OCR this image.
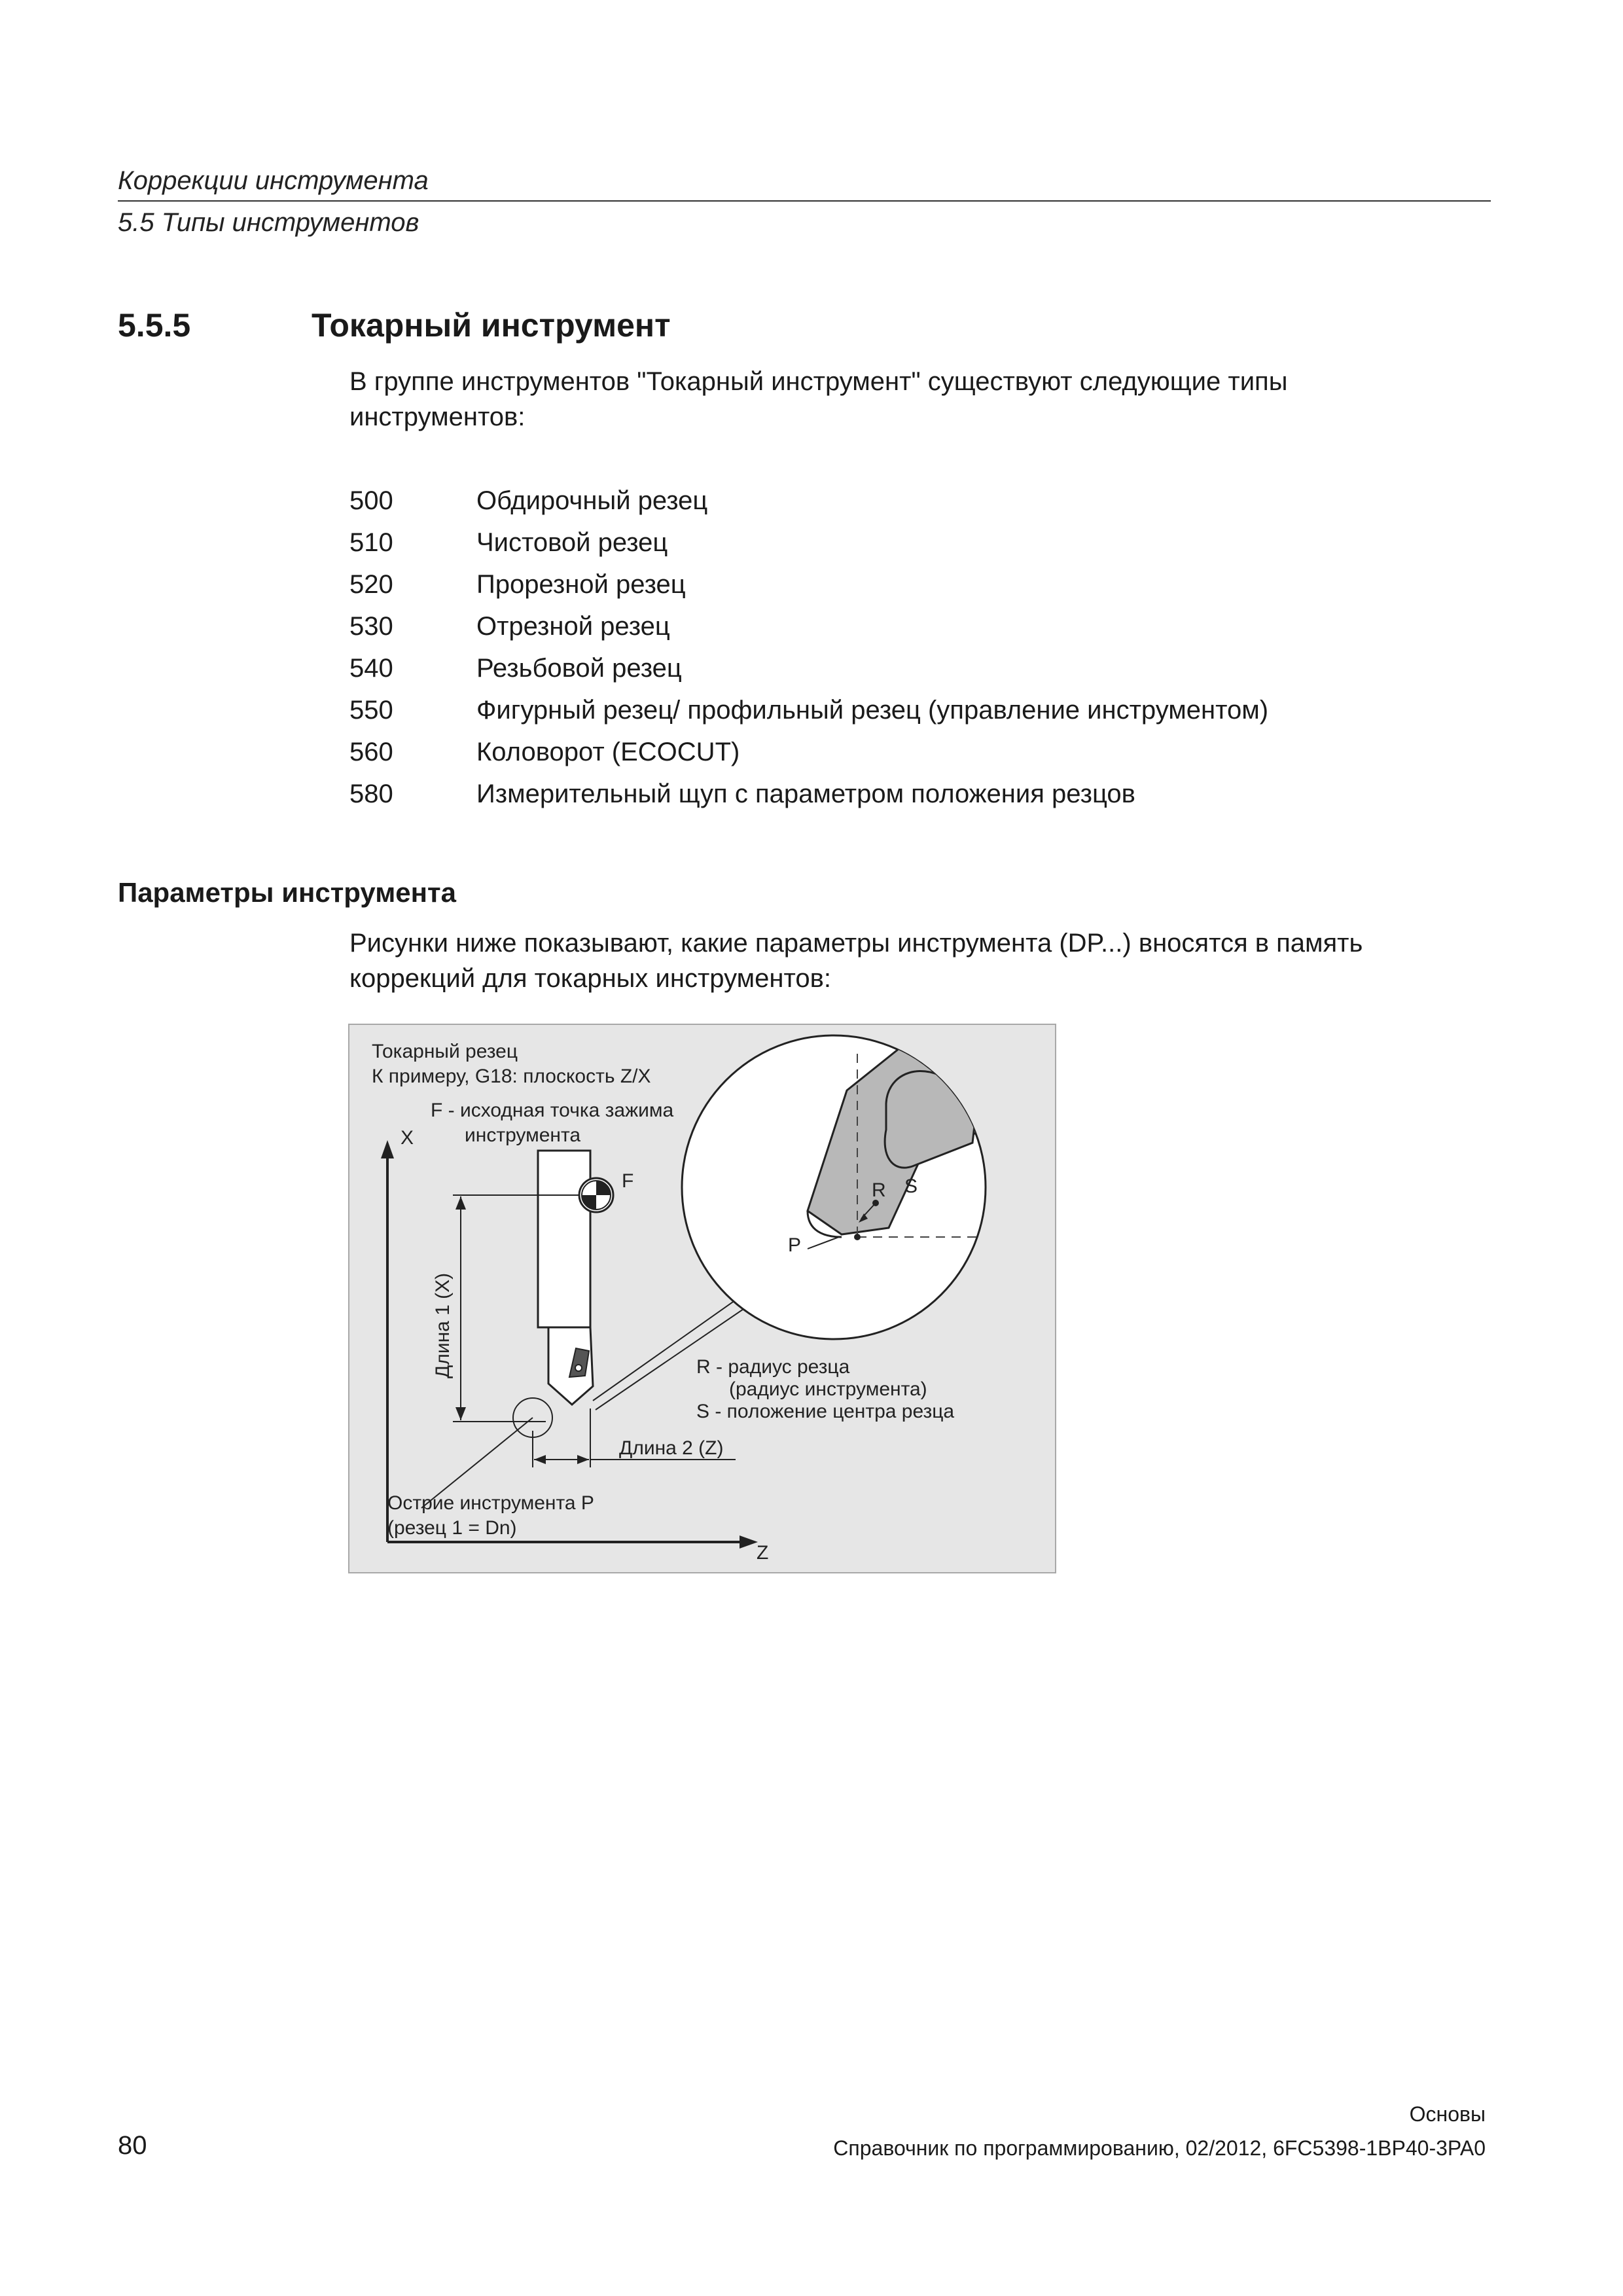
Коррекции инструмента
5.5 Типы инструментов
5.5.5	Токарный инструмент

В группе инструментов "Токарный инструмент" существуют следующие типы инструментов:

500	Обдирочный резец
510	Чистовой резец
520	Прорезной резец
530	Отрезной резец
540	Резьбовой резец
550	Фигурный резец/ профильный резец (управление инструментом)
560	Коловорот (ECOCUT)
580	Измерительный щуп с параметром положения резцов
Параметры инструмента

Рисунки ниже показывают, какие параметры инструмента (DP...) вносятся в память коррекций для токарных инструментов:

Токарный резец
К примеру, G18: плоскость Z/X
F - исходная точка зажима
инструмента
X
Z
F	R S
P
Длина 1 (X)
Длина 2 (Z)
R - радиус резца
(радиус инструмента)
S - положение центра резца
Острие инструмента P
(резец 1 = Dn)
Основы
80	Справочник по программированию, 02/2012, 6FC5398-1BP40-3PA0
